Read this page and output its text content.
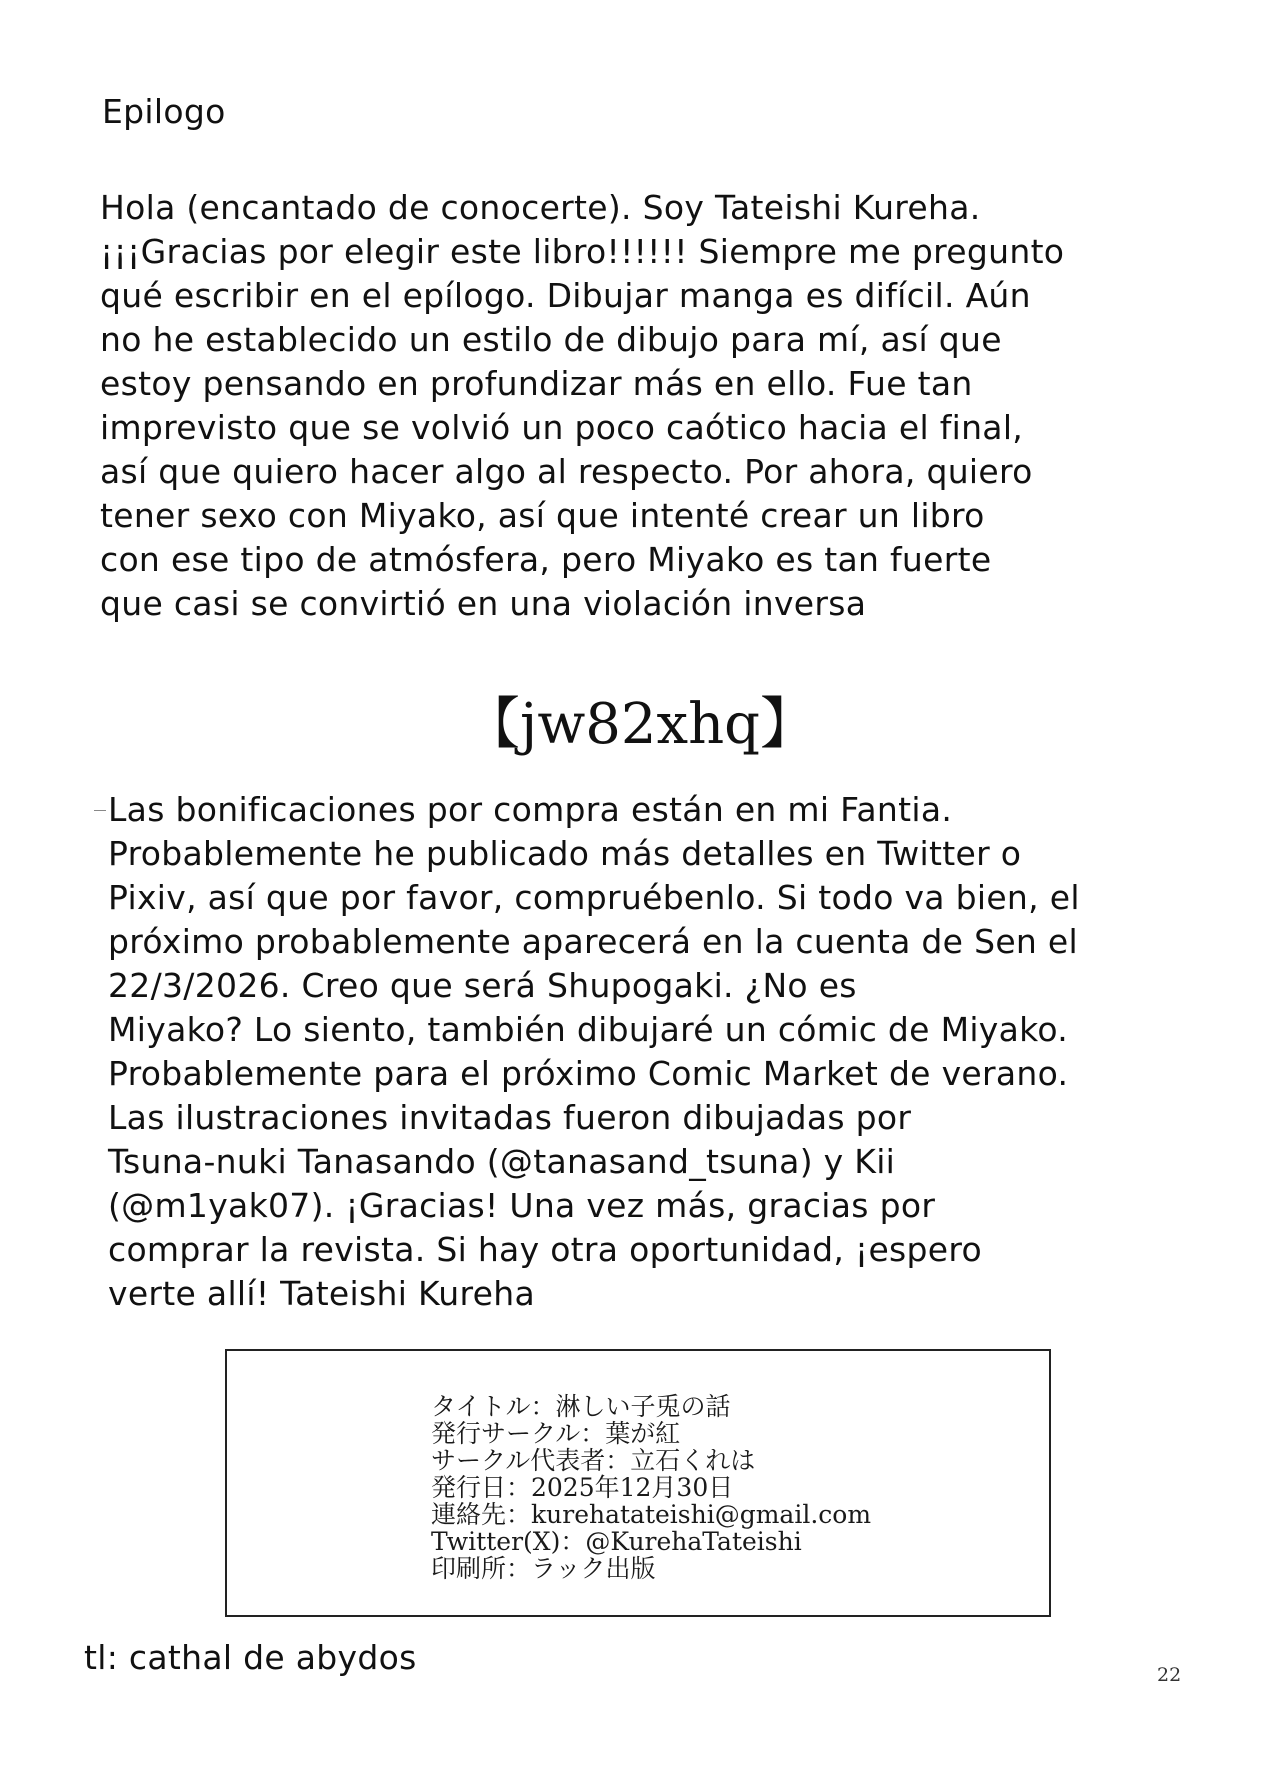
Epilogo

Hola (encantado de conocerte). Soy Tateishi Kureha.
¡¡¡Gracias por elegir este libro!!!!!! Siempre me pregunto
qué escribir en el epílogo. Dibujar manga es difícil. Aún
no he establecido un estilo de dibujo para mí, así que
estoy pensando en profundizar más en ello. Fue tan
imprevisto que se volvió un poco caótico hacia el final,
así que quiero hacer algo al respecto. Por ahora, quiero
tener sexo con Miyako, así que intenté crear un libro
con ese tipo de atmósfera, pero Miyako es tan fuerte
que casi se convirtió en una violación inversa

【jw82xhq】

Las bonificaciones por compra están en mi Fantia.
Probablemente he publicado más detalles en Twitter o
Pixiv, así que por favor, compruébenlo. Si todo va bien, el
próximo probablemente aparecerá en la cuenta de Sen el
22/3/2026. Creo que será Shupogaki. ¿No es
Miyako? Lo siento, también dibujaré un cómic de Miyako.
Probablemente para el próximo Comic Market de verano.
Las ilustraciones invitadas fueron dibujadas por
Tsuna-nuki Tanasando (@tanasand_tsuna) y Kii
(@m1yak07). ¡Gracias! Una vez más, gracias por
comprar la revista. Si hay otra oportunidad, ¡espero
verte allí! Tateishi Kureha

タイトル：淋しい子兎の話
発行サークル：葉が紅
サークル代表者：立石くれは
発行日：2025年12月30日
連絡先：kurehatateishi@gmail.com
Twitter(X)：@KurehaTateishi
印刷所：ラック出版

tl: cathal de abydos	22
